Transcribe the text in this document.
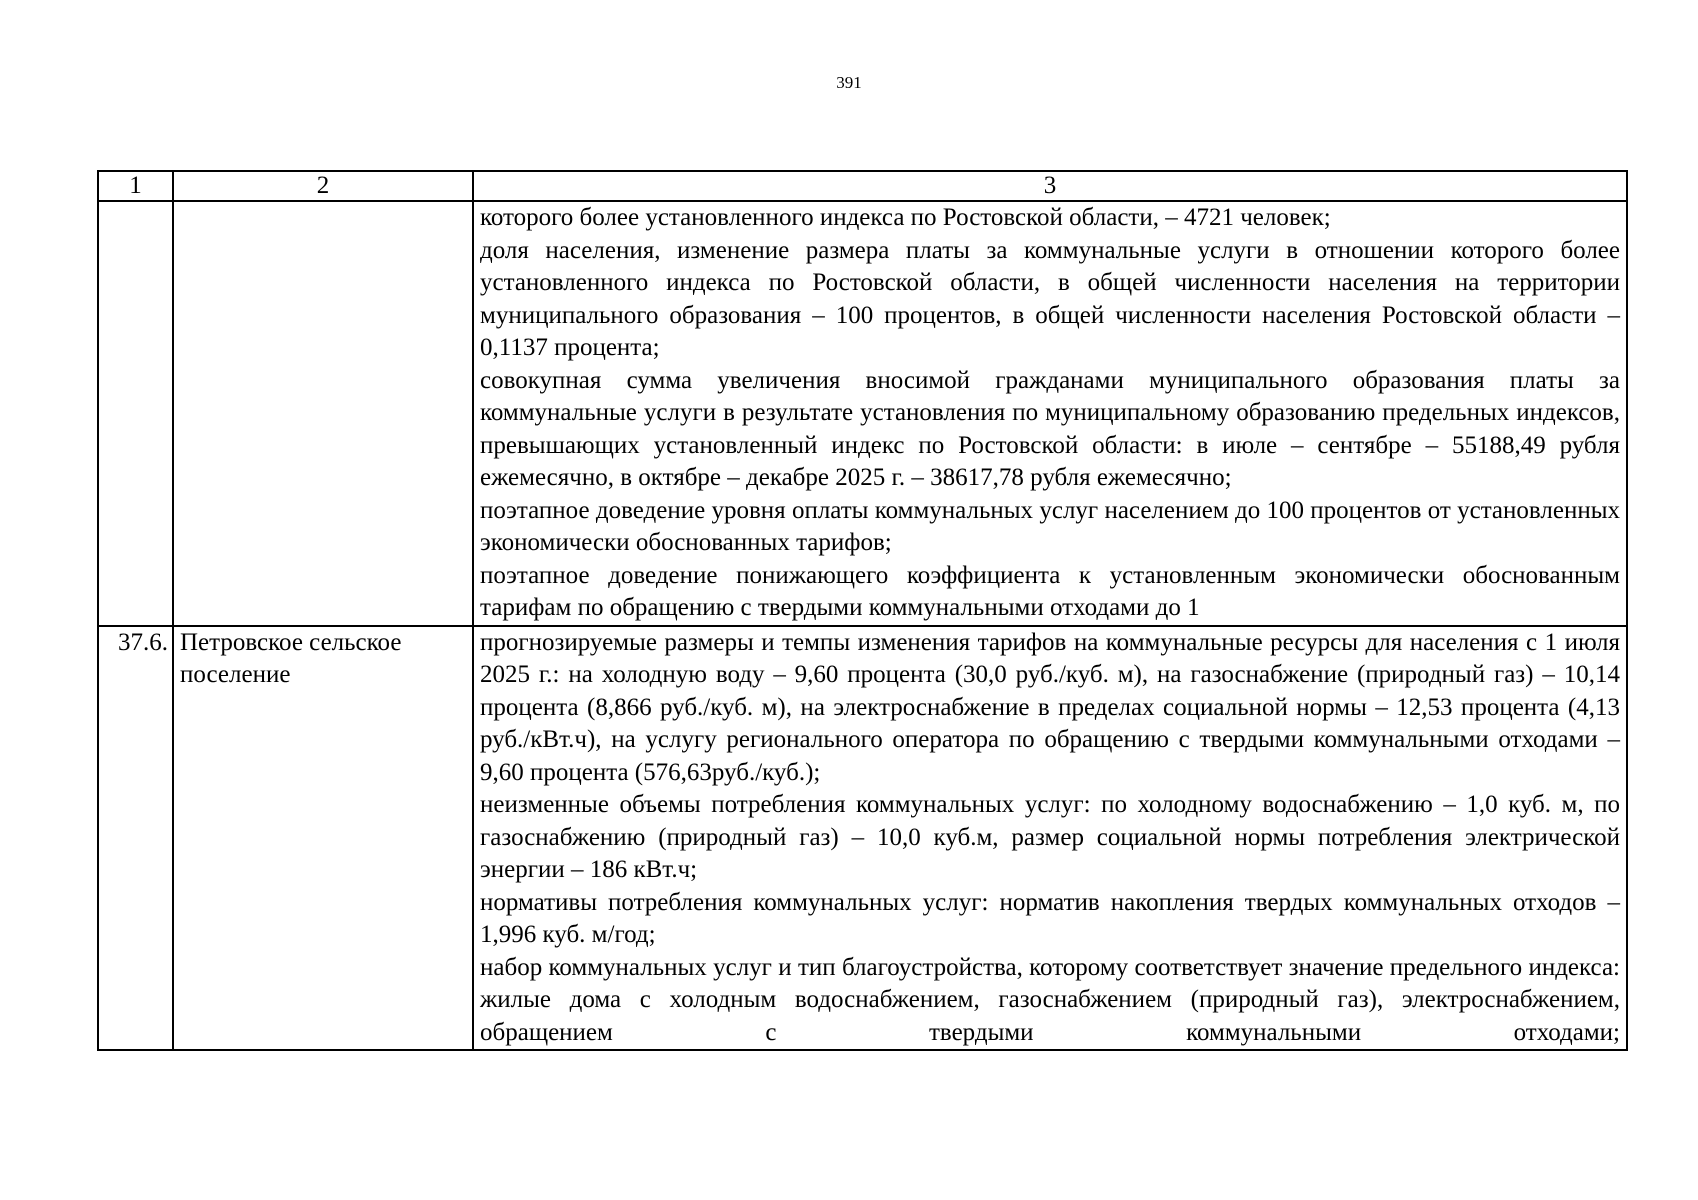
391
1	2	3

		которого более установленного индекса по Ростовской области, – 4721 человек;

доля населения, изменение размера платы за коммунальные услуги в отношении которого более установленного индекса по Ростовской области, в общей численности населения на территории муниципального образования – 100 процентов, в общей численности населения Ростовской области – 0,1137 процента;

совокупная сумма увеличения вносимой гражданами муниципального образования платы за коммунальные услуги в результате установления по муниципальному образованию предельных индексов, превышающих установленный индекс по Ростовской области: в июле – сентябре – 55188,49 рубля ежемесячно, в октябре – декабре 2025 г. – 38617,78 рубля ежемесячно;

поэтапное доведение уровня оплаты коммунальных услуг населением до 100 процентов от установленных экономически обоснованных тарифов;

поэтапное доведение понижающего коэффициента к установленным экономически обоснованным тарифам по обращению с твердыми коммунальными отходами до 1

37.6.	Петровское сельское поселение	прогнозируемые размеры и темпы изменения тарифов на коммунальные ресурсы для населения с 1 июля 2025 г.: на холодную воду – 9,60 процента (30,0 руб./куб. м), на газоснабжение (природный газ) – 10,14 процента (8,866 руб./куб. м), на электроснабжение в пределах социальной нормы – 12,53 процента (4,13 руб./кВт.ч), на услугу регионального оператора по обращению с твердыми коммунальными отходами – 9,60 процента (576,63руб./куб.);

неизменные объемы потребления коммунальных услуг: по холодному водоснабжению – 1,0 куб. м, по газоснабжению (природный газ) – 10,0 куб.м, размер социальной нормы потребления электрической энергии – 186 кВт.ч;

нормативы потребления коммунальных услуг: норматив накопления твердых коммунальных отходов – 1,996 куб. м/год;

набор коммунальных услуг и тип благоустройства, которому соответствует значение предельного индекса: жилые дома с холодным водоснабжением, газоснабжением (природный газ), электроснабжением, обращением с твердыми коммунальными отходами;
